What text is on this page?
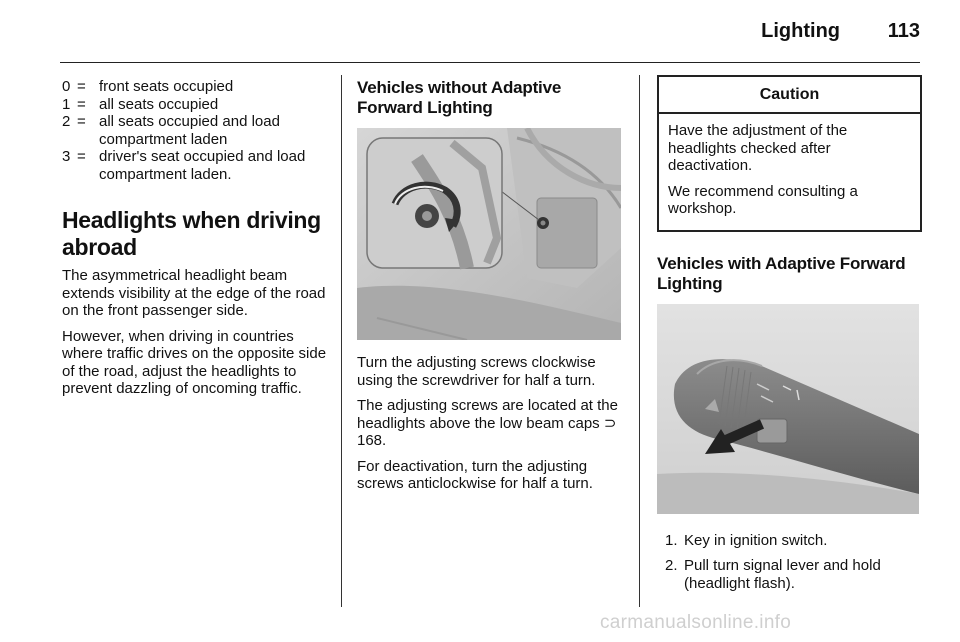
Lighting 113
0 = front seats occupied
1 = all seats occupied
2 = all seats occupied and load compartment laden
3 = driver's seat occupied and load compartment laden.
Headlights when driving abroad

The asymmetrical headlight beam extends visibility at the edge of the road on the front passenger side.

However, when driving in countries where traffic drives on the opposite side of the road, adjust the headlights to prevent dazzling of oncoming traffic.

Vehicles without Adaptive Forward Lighting

Turn the adjusting screws clockwise using the screwdriver for half a turn.

The adjusting screws are located at the headlights above the low beam caps ⊃ 168.

For deactivation, turn the adjusting screws anticlockwise for half a turn.

Caution

Have the adjustment of the headlights checked after deactivation.

We recommend consulting a workshop.

Vehicles with Adaptive Forward Lighting
1. Key in ignition switch.
2. Pull turn signal lever and hold (headlight flash).
carmanualsonline.info
